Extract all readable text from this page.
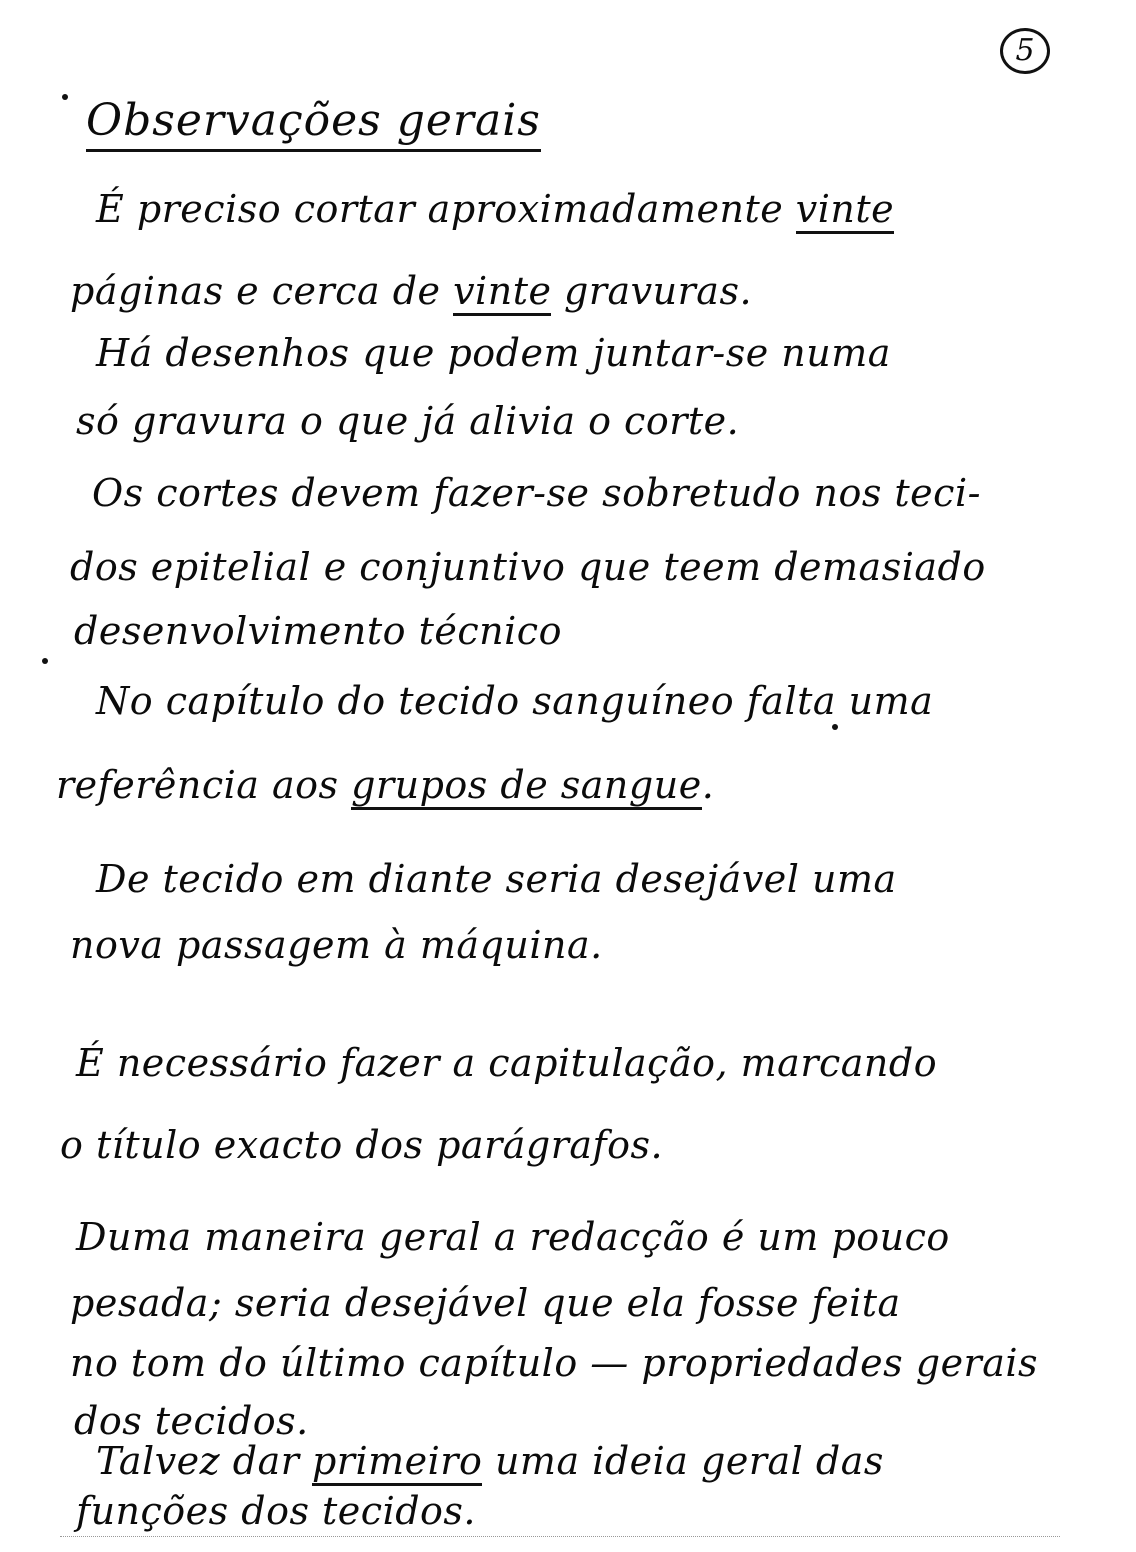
5
Observações gerais
É preciso cortar aproximadamente vinte
páginas e cerca de vinte gravuras.
Há desenhos que podem juntar-se numa
só gravura o que já alivia o corte.
Os cortes devem fazer-se sobretudo nos teci-
dos epitelial e conjuntivo que teem demasiado
desenvolvimento técnico
No capítulo do tecido sanguíneo falta uma
referência aos grupos de sangue.
De tecido em diante seria desejável uma
nova passagem à máquina.
É necessário fazer a capitulação, marcando
o título exacto dos parágrafos.
Duma maneira geral a redacção é um pouco
pesada; seria desejável que ela fosse feita
no tom do último capítulo — propriedades gerais
dos tecidos.
Talvez dar primeiro uma ideia geral das
funções dos tecidos.
